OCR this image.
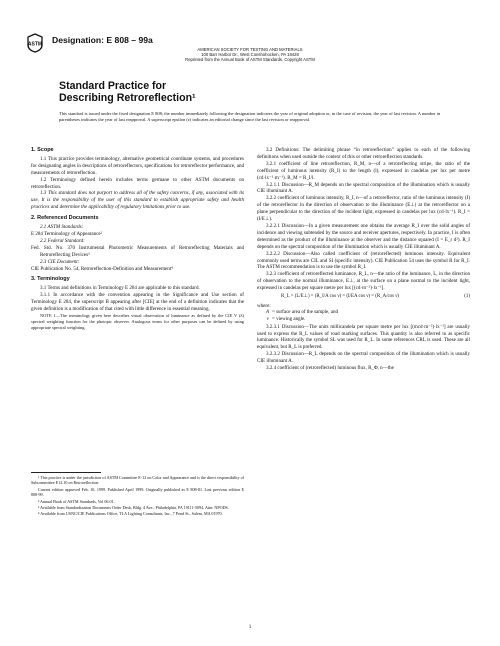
ASTM Designation: E 808 – 99a
AMERICAN SOCIETY FOR TESTING AND MATERIALS
100 Barr Harbor Dr., West Conshohocken, PA 19428
Reprinted from the Annual Book of ASTM Standards. Copyright ASTM
Standard Practice for
Describing Retroreflection¹
This standard is issued under the fixed designation E 808; the number immediately following the designation indicates the year of original adoption or, in the case of revision, the year of last revision. A number in parentheses indicates the year of last reapproval. A superscript epsilon (ε) indicates an editorial change since the last revision or reapproval.
1. Scope

1.1 This practice provides terminology, alternative geometrical coordinate systems, and procedures for designating angles in descriptions of retroreflectors, specifications for retroreflector performance, and measurements of retroreflection.

1.2 Terminology defined herein includes terms germane to other ASTM documents on retroreflection.

1.3 This standard does not purport to address all of the safety concerns, if any, associated with its use. It is the responsibility of the user of this standard to establish appropriate safety and health practices and determine the applicability of regulatory limitations prior to use.

2. Referenced Documents

2.1 ASTM Standards:

E 284 Terminology of Appearance²

2.2 Federal Standard:

Fed. Std. No. 370 Instrumental Photometric Measurements of Retroreflecting Materials and Retroreflecting Devices³

2.3 CIE Document:

CIE Publication No. 54, Retroreflection-Definition and Measurement⁴

3. Terminology

3.1 Terms and definitions in Terminology E 284 are applicable to this standard.

3.1.1 In accordance with the convention appearing in the Significance and Use section of Terminology E 284, the superscript B appearing after [CIE] at the end of a definition indicates that the given definition is a modification of that cited with little difference in essential meaning.

NOTE 1—The terminology given here describes visual observation of luminance as defined by the CIE V (λ) spectral weighting function for the photopic observer. Analogous terms for other purposes can be defined by using appropriate spectral weighting.

3.2 Definitions: The delimiting phrase “in retroreflection” applies to each of the following definitions when used outside the context of this or other retroreflection standards.

3.2.1 coefficient of line retroreflection, R_M, n—of a retroreflecting stripe, the ratio of the coefficient of luminous intensity (R_I) to the length (l), expressed in candelas per lux per metre (cd·lx⁻¹·m⁻¹). R_M = R_I/l.

3.2.1.1 Discussion—R_M depends on the spectral composition of the illumination which is usually CIE illuminant A.

3.2.2 coefficient of luminous intensity, R_I, n—of a retroreflector, ratio of the luminous intensity (I) of the retroreflector in the direction of observation to the illuminance (E⊥) at the retroreflector on a plane perpendicular to the direction of the incident light, expressed in candelas per lux (cd·lx⁻¹). R_I = (I/E⊥).

3.2.2.1 Discussion—In a given measurement one obtains the average R_I over the solid angles of incidence and viewing subtended by the source and receiver apertures, respectively. In practice, I is often determined as the product of the illuminance at the observer and the distance squared (I = E_r d²). R_I depends on the spectral composition of the illumination which is usually CIE illuminant A.

3.2.2.2 Discussion—Also called coefficient of (retroreflected) luminous intensity. Equivalent commonly used terms are CIL and SI (specific intensity). CIE Publication 54 uses the symbol R for R_I. The ASTM recommendation is to use the symbol R_I.

3.2.3 coefficient of retroreflected luminance, R_L, n—the ratio of the luminance, L, in the direction of observation to the normal illuminance, E⊥, at the surface on a plane normal to the incident light, expressed in candelas per square metre per lux [(cd·m⁻²)·lx⁻¹].

R_L = (L/E⊥) = (R_I/A cos ν) = (I/EA cos ν) = (R_A/cos ν)	(1)

where:

A = surface area of the sample, and
ν = viewing angle.

3.2.3.1 Discussion—The units millicandela per square metre per lux [(mcd·m⁻²)·lx⁻¹] are usually used to express the R_L values of road marking surfaces. This quantity is also referred to as specific luminance. Historically the symbol SL was used for R_L. In some references CRL is used. These are all equivalent, but R_L is preferred.

3.2.3.2 Discussion—R_L depends on the spectral composition of the illumination which is usually CIE illuminant A.

3.2.4 coefficient of (retroreflected) luminous flux, R_Φ, n—the

¹ This practice is under the jurisdiction of ASTM Committee E-12 on Color and Appearance and is the direct responsibility of Subcommittee E12.10 on Retroreflection.

Current edition approved Feb. 10, 1999. Published April 1999. Originally published as E 808-81. Last previous edition E 808-99.

² Annual Book of ASTM Standards, Vol 06.01.

³ Available from Standardization Documents Order Desk, Bldg. 4 Ave., Philadelphia, PA 19111-5094, Attn: NPODS.

⁴ Available from USNC/CIE Publications Office, TLA Lighting Consultants, Inc., 7 Pond St., Salem, MA 01970.

1
